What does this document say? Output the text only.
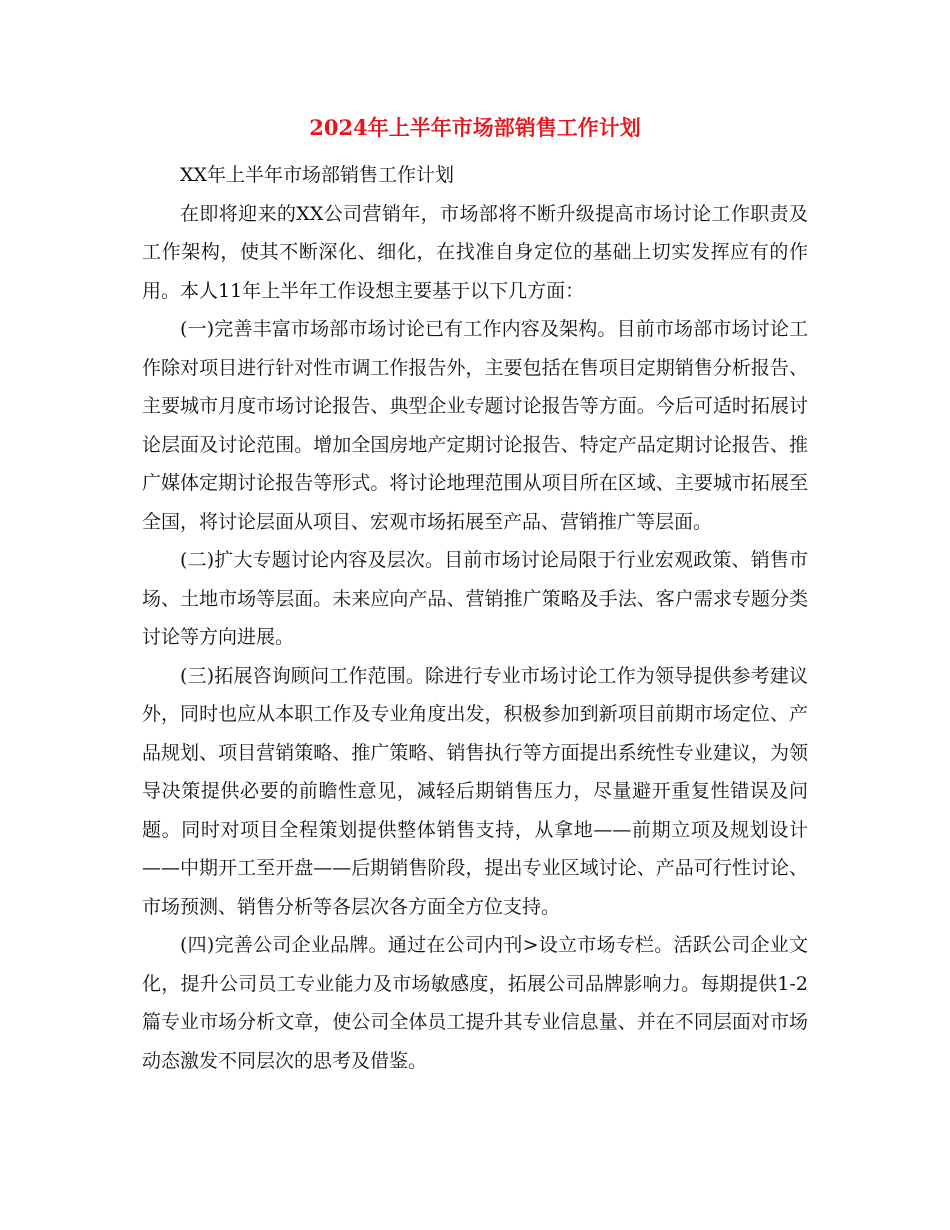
2024年上半年市场部销售工作计划

XX年上半年市场部销售工作计划

在即将迎来的XX公司营销年，市场部将不断升级提高市场讨论工作职责及工作架构，使其不断深化、细化，在找准自身定位的基础上切实发挥应有的作用。本人11年上半年工作设想主要基于以下几方面：

(一)完善丰富市场部市场讨论已有工作内容及架构。目前市场部市场讨论工作除对项目进行针对性市调工作报告外，主要包括在售项目定期销售分析报告、主要城市月度市场讨论报告、典型企业专题讨论报告等方面。今后可适时拓展讨论层面及讨论范围。增加全国房地产定期讨论报告、特定产品定期讨论报告、推广媒体定期讨论报告等形式。将讨论地理范围从项目所在区域、主要城市拓展至全国，将讨论层面从项目、宏观市场拓展至产品、营销推广等层面。

(二)扩大专题讨论内容及层次。目前市场讨论局限于行业宏观政策、销售市场、土地市场等层面。未来应向产品、营销推广策略及手法、客户需求专题分类讨论等方向进展。

(三)拓展咨询顾问工作范围。除进行专业市场讨论工作为领导提供参考建议外，同时也应从本职工作及专业角度出发，积极参加到新项目前期市场定位、产品规划、项目营销策略、推广策略、销售执行等方面提出系统性专业建议，为领导决策提供必要的前瞻性意见，减轻后期销售压力，尽量避开重复性错误及问题。同时对项目全程策划提供整体销售支持，从拿地——前期立项及规划设计——中期开工至开盘——后期销售阶段，提出专业区域讨论、产品可行性讨论、市场预测、销售分析等各层次各方面全方位支持。

(四)完善公司企业品牌。通过在公司内刊>设立市场专栏。活跃公司企业文化，提升公司员工专业能力及市场敏感度，拓展公司品牌影响力。每期提供1-2篇专业市场分析文章，使公司全体员工提升其专业信息量、并在不同层面对市场动态激发不同层次的思考及借鉴。
